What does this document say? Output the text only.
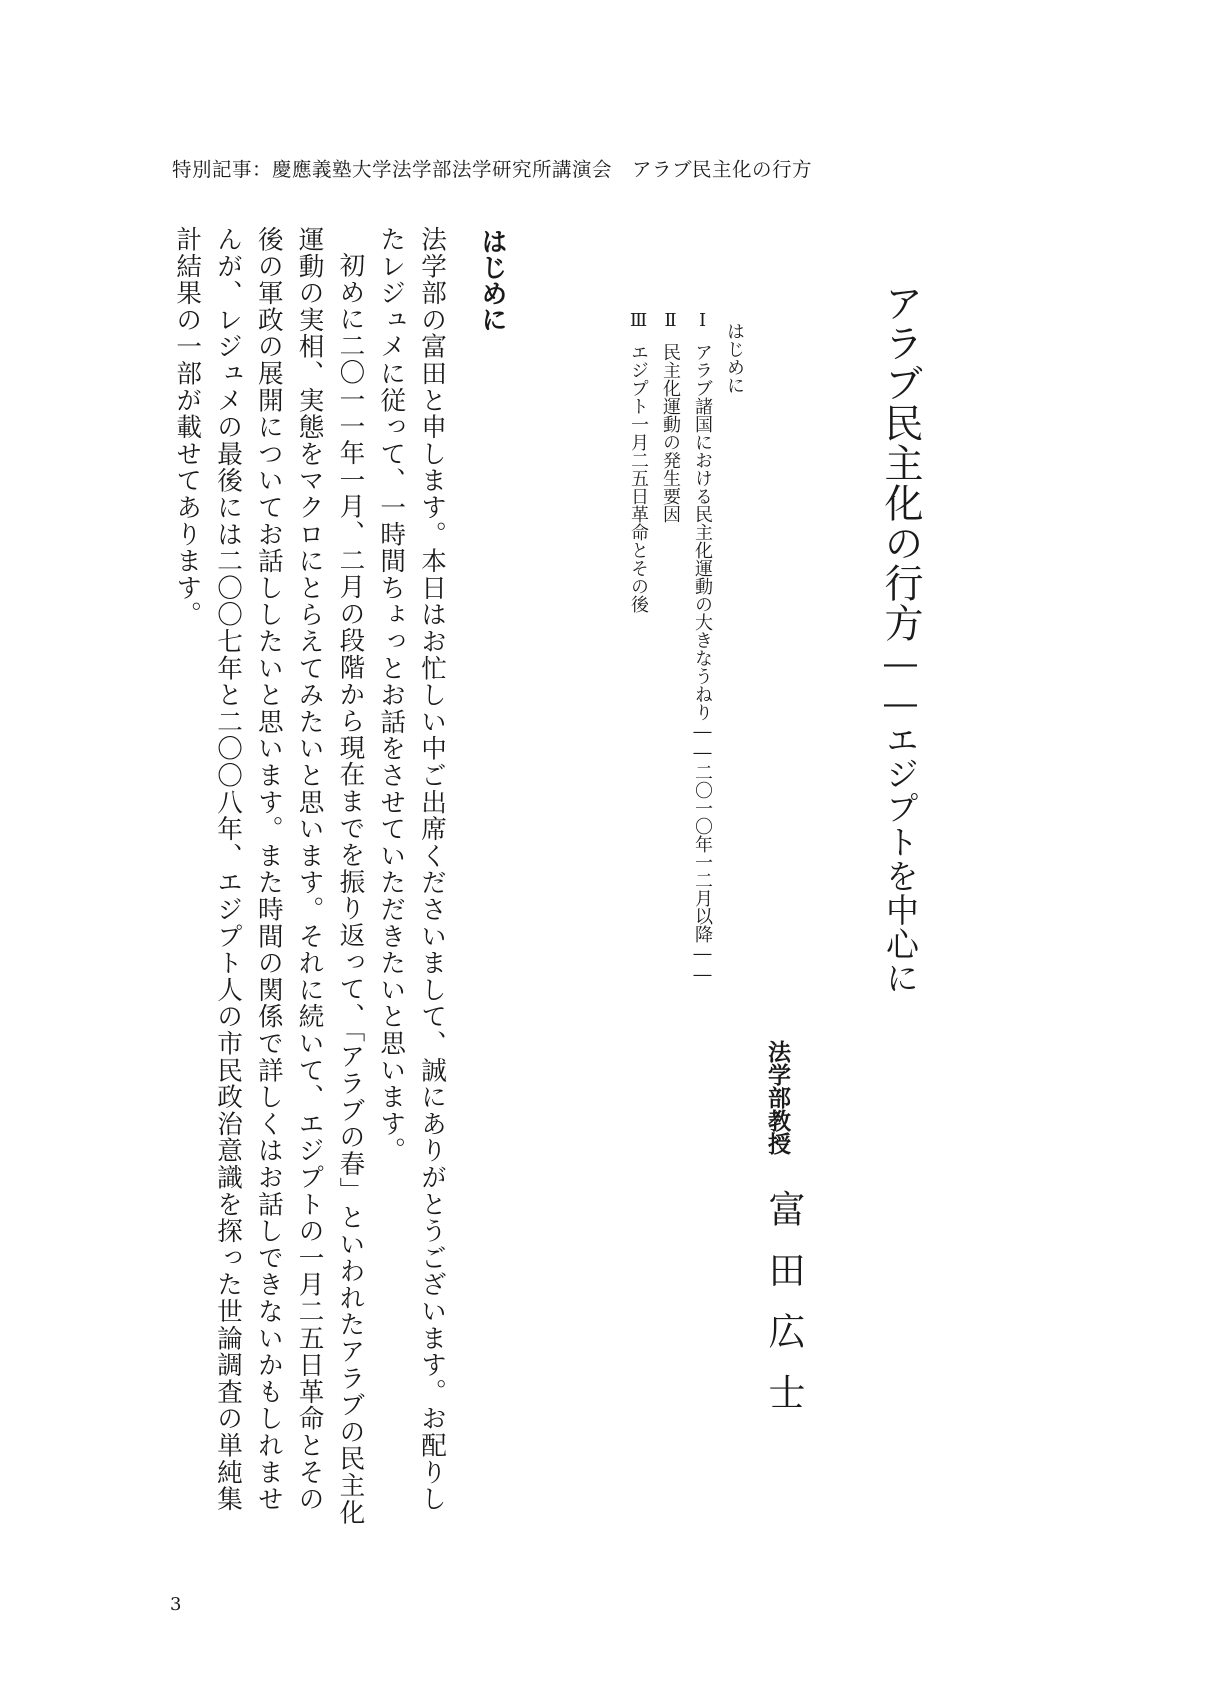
特別記事：慶應義塾大学法学部法学研究所講演会　アラブ民主化の行方
アラブ民主化の行方――エジプトを中心に
はじめに
Ⅰアラブ諸国における民主化運動の大きなうねり――二〇一〇年一二月以降――
Ⅱ民主化運動の発生要因
Ⅲエジプト一月二五日革命とその後
法学部教授
富田広士
はじめに

法学部の富田と申します。本日はお忙しい中ご出席くださいまして、誠にありがとうございます。お配りしたレジュメに従って、一時間ちょっとお話をさせていただきたいと思います。

初めに二〇一一年一月、二月の段階から現在までを振り返って、「アラブの春」といわれたアラブの民主化運動の実相、実態をマクロにとらえてみたいと思います。それに続いて、エジプトの一月二五日革命とその後の軍政の展開についてお話ししたいと思います。また時間の関係で詳しくはお話しできないかもしれませんが、レジュメの最後には二〇〇七年と二〇〇八年、エジプト人の市民政治意識を探った世論調査の単純集計結果の一部が載せてあります。

3
